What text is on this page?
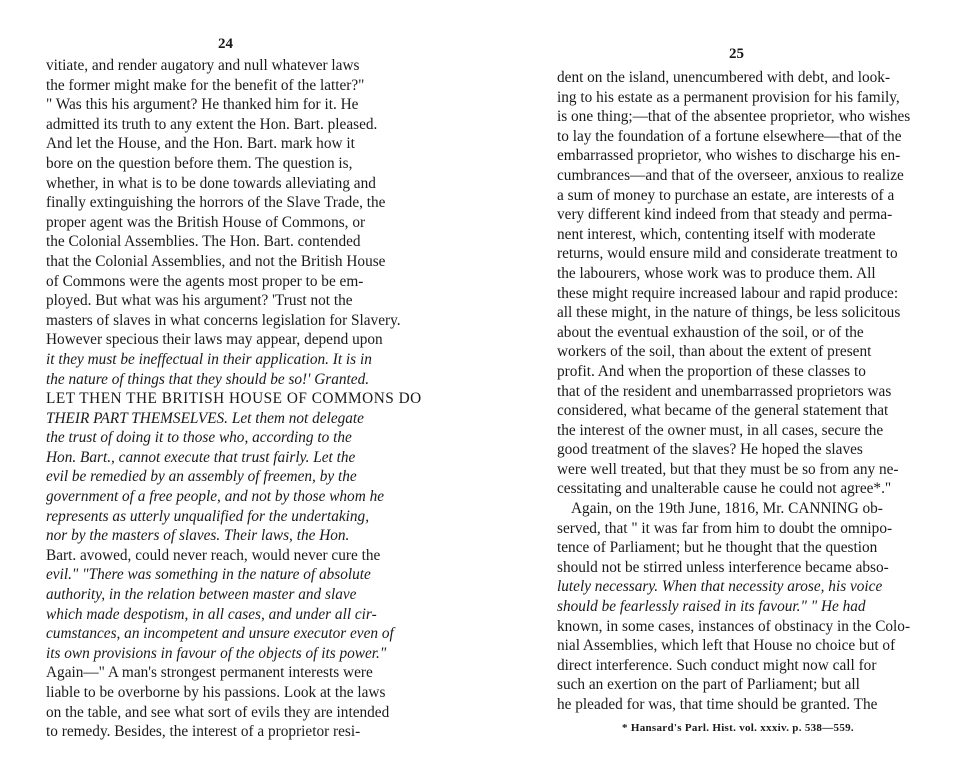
24
25
vitiate, and render augatory and null whatever laws
the former might make for the benefit of the latter?"
" Was this his argument? He thanked him for it. He
admitted its truth to any extent the Hon. Bart. pleased.
And let the House, and the Hon. Bart. mark how it
bore on the question before them. The question is,
whether, in what is to be done towards alleviating and
finally extinguishing the horrors of the Slave Trade, the
proper agent was the British House of Commons, or
the Colonial Assemblies. The Hon. Bart. contended
that the Colonial Assemblies, and not the British House
of Commons were the agents most proper to be em-
ployed. But what was his argument? 'Trust not the
masters of slaves in what concerns legislation for Slavery.
However specious their laws may appear, depend upon
it they must be ineffectual in their application. It is in
the nature of things that they should be so!' Granted.
LET THEN THE BRITISH HOUSE OF COMMONS DO
THEIR PART THEMSELVES. Let them not delegate
the trust of doing it to those who, according to the
Hon. Bart., cannot execute that trust fairly. Let the
evil be remedied by an assembly of freemen, by the
government of a free people, and not by those whom he
represents as utterly unqualified for the undertaking,
nor by the masters of slaves. Their laws, the Hon.
Bart. avowed, could never reach, would never cure the
evil." "There was something in the nature of absolute
authority, in the relation between master and slave
which made despotism, in all cases, and under all cir-
cumstances, an incompetent and unsure executor even of
its own provisions in favour of the objects of its power."
Again—" A man's strongest permanent interests were
liable to be overborne by his passions. Look at the laws
on the table, and see what sort of evils they are intended
to remedy. Besides, the interest of a proprietor resi-
dent on the island, unencumbered with debt, and look-
ing to his estate as a permanent provision for his family,
is one thing;—that of the absentee proprietor, who wishes
to lay the foundation of a fortune elsewhere—that of the
embarrassed proprietor, who wishes to discharge his en-
cumbrances—and that of the overseer, anxious to realize
a sum of money to purchase an estate, are interests of a
very different kind indeed from that steady and perma-
nent interest, which, contenting itself with moderate
returns, would ensure mild and considerate treatment to
the labourers, whose work was to produce them. All
these might require increased labour and rapid produce:
all these might, in the nature of things, be less solicitous
about the eventual exhaustion of the soil, or of the
workers of the soil, than about the extent of present
profit. And when the proportion of these classes to
that of the resident and unembarrassed proprietors was
considered, what became of the general statement that
the interest of the owner must, in all cases, secure the
good treatment of the slaves? He hoped the slaves
were well treated, but that they must be so from any ne-
cessitating and unalterable cause he could not agree*."
Again, on the 19th June, 1816, Mr. CANNING ob-
served, that " it was far from him to doubt the omnipo-
tence of Parliament; but he thought that the question
should not be stirred unless interference became abso-
lutely necessary. When that necessity arose, his voice
should be fearlessly raised in its favour." " He had
known, in some cases, instances of obstinacy in the Colo-
nial Assemblies, which left that House no choice but of
direct interference. Such conduct might now call for
such an exertion on the part of Parliament; but all
he pleaded for was, that time should be granted. The
* Hansard's Parl. Hist. vol. xxxiv. p. 538—559.
